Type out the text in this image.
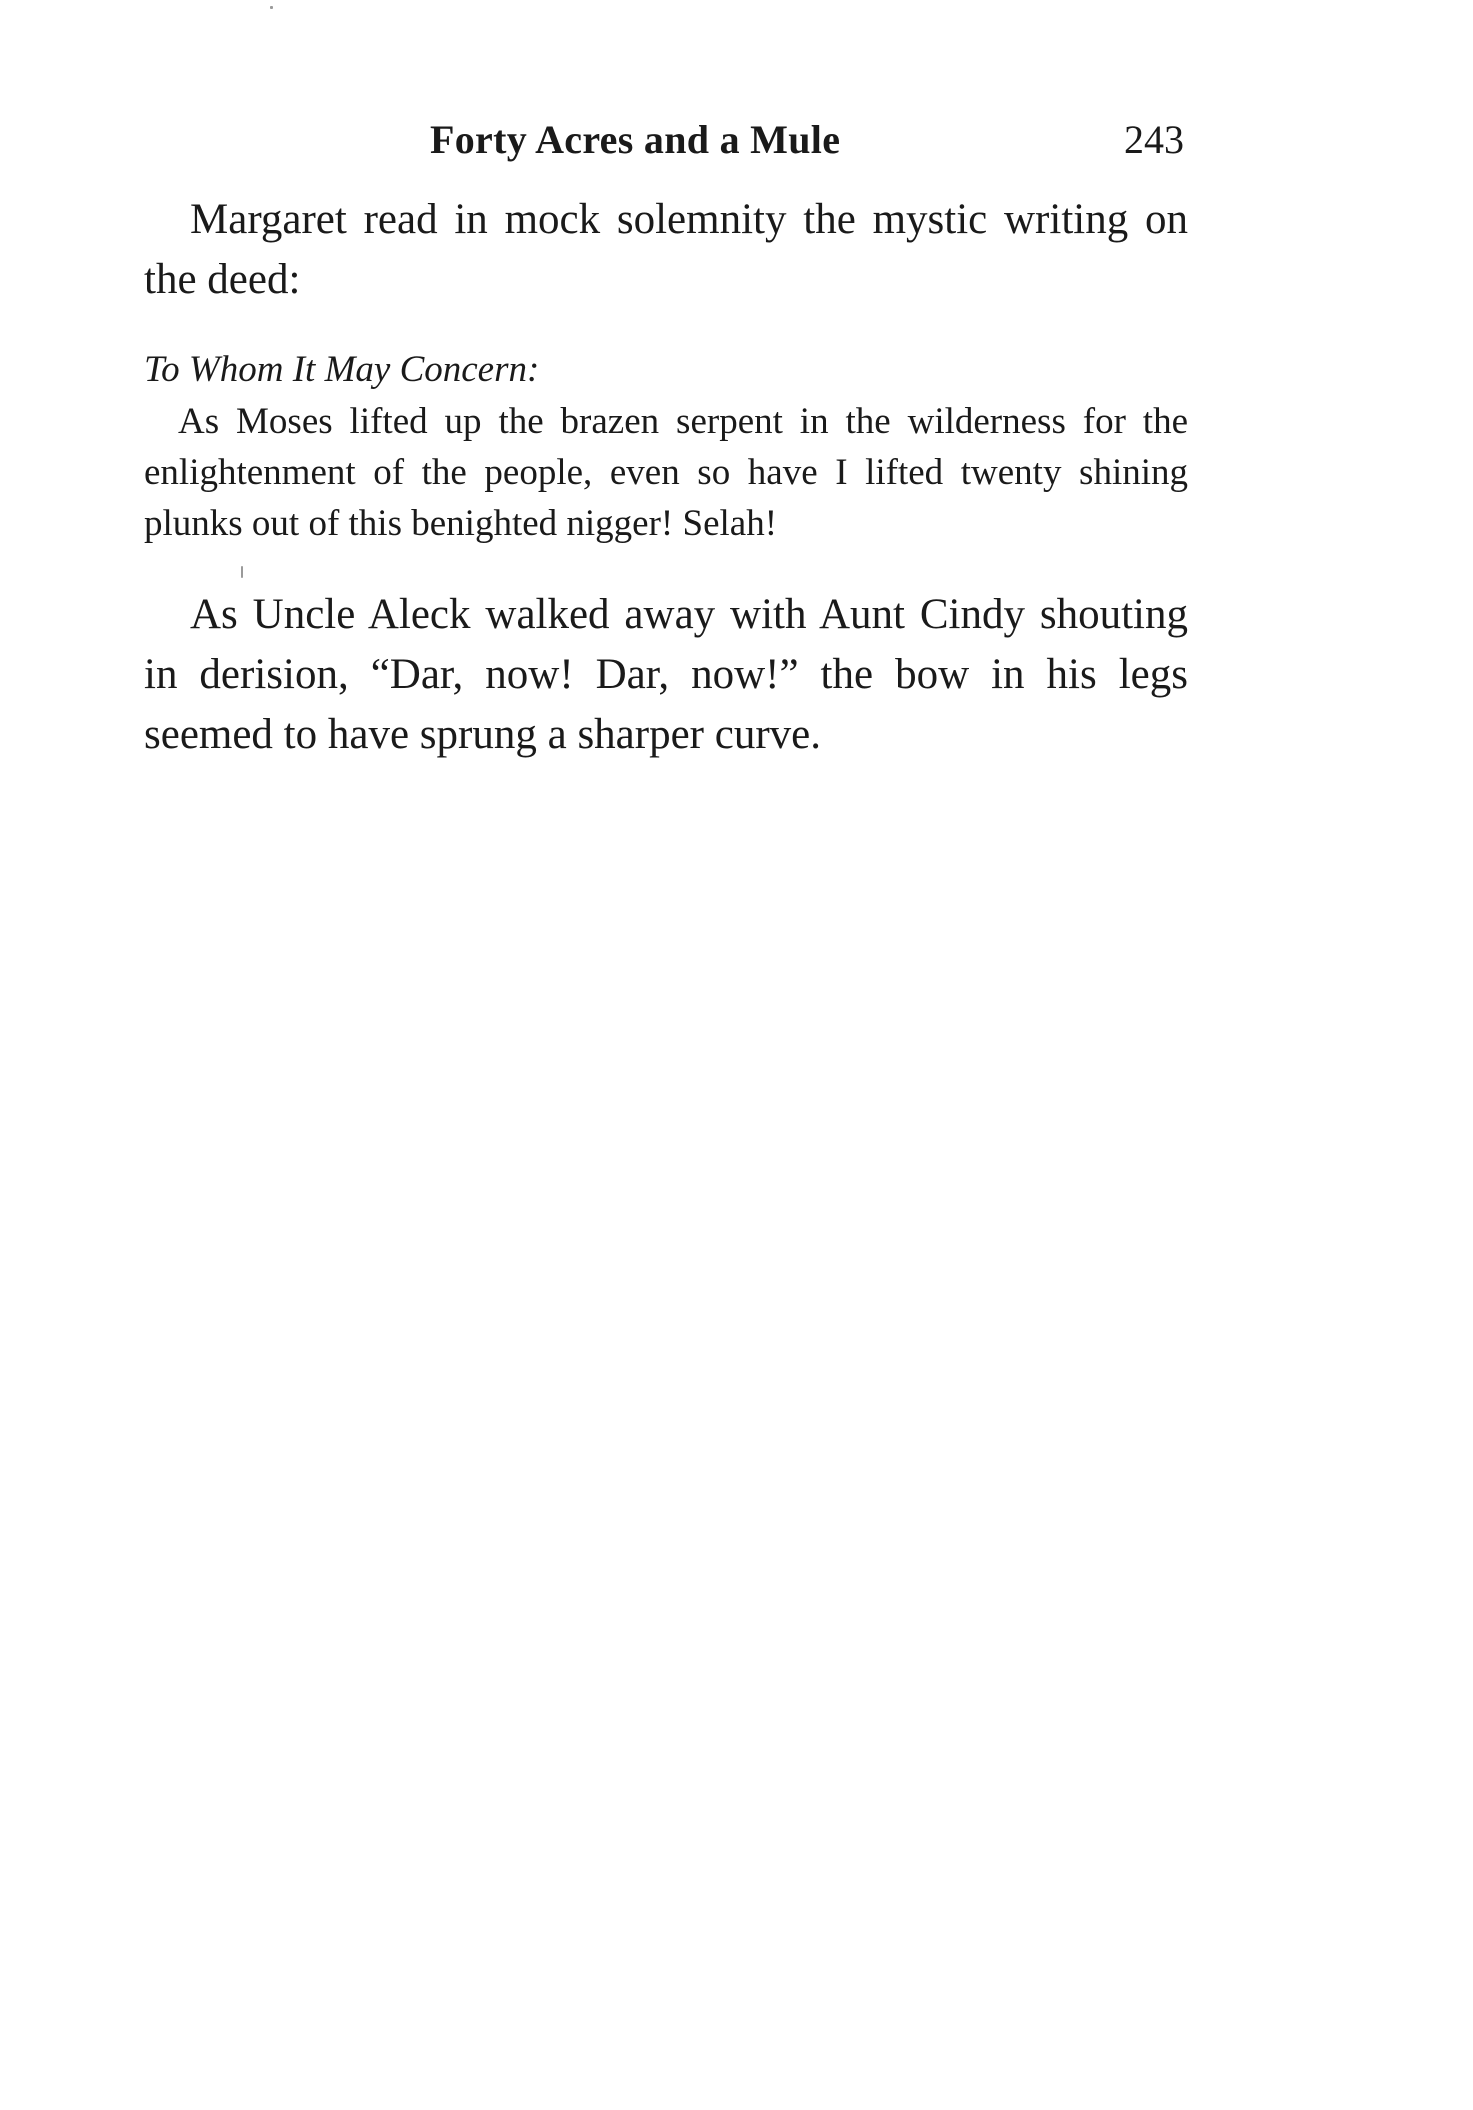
Forty Acres and a Mule	243

Margaret read in mock solemnity the mystic writing on the deed:

To Whom It May Concern:

As Moses lifted up the brazen serpent in the wilderness for the enlightenment of the people, even so have I lifted twenty shining plunks out of this benighted nigger! Selah!

As Uncle Aleck walked away with Aunt Cindy shouting in derision, “Dar, now! Dar, now!” the bow in his legs seemed to have sprung a sharper curve.
